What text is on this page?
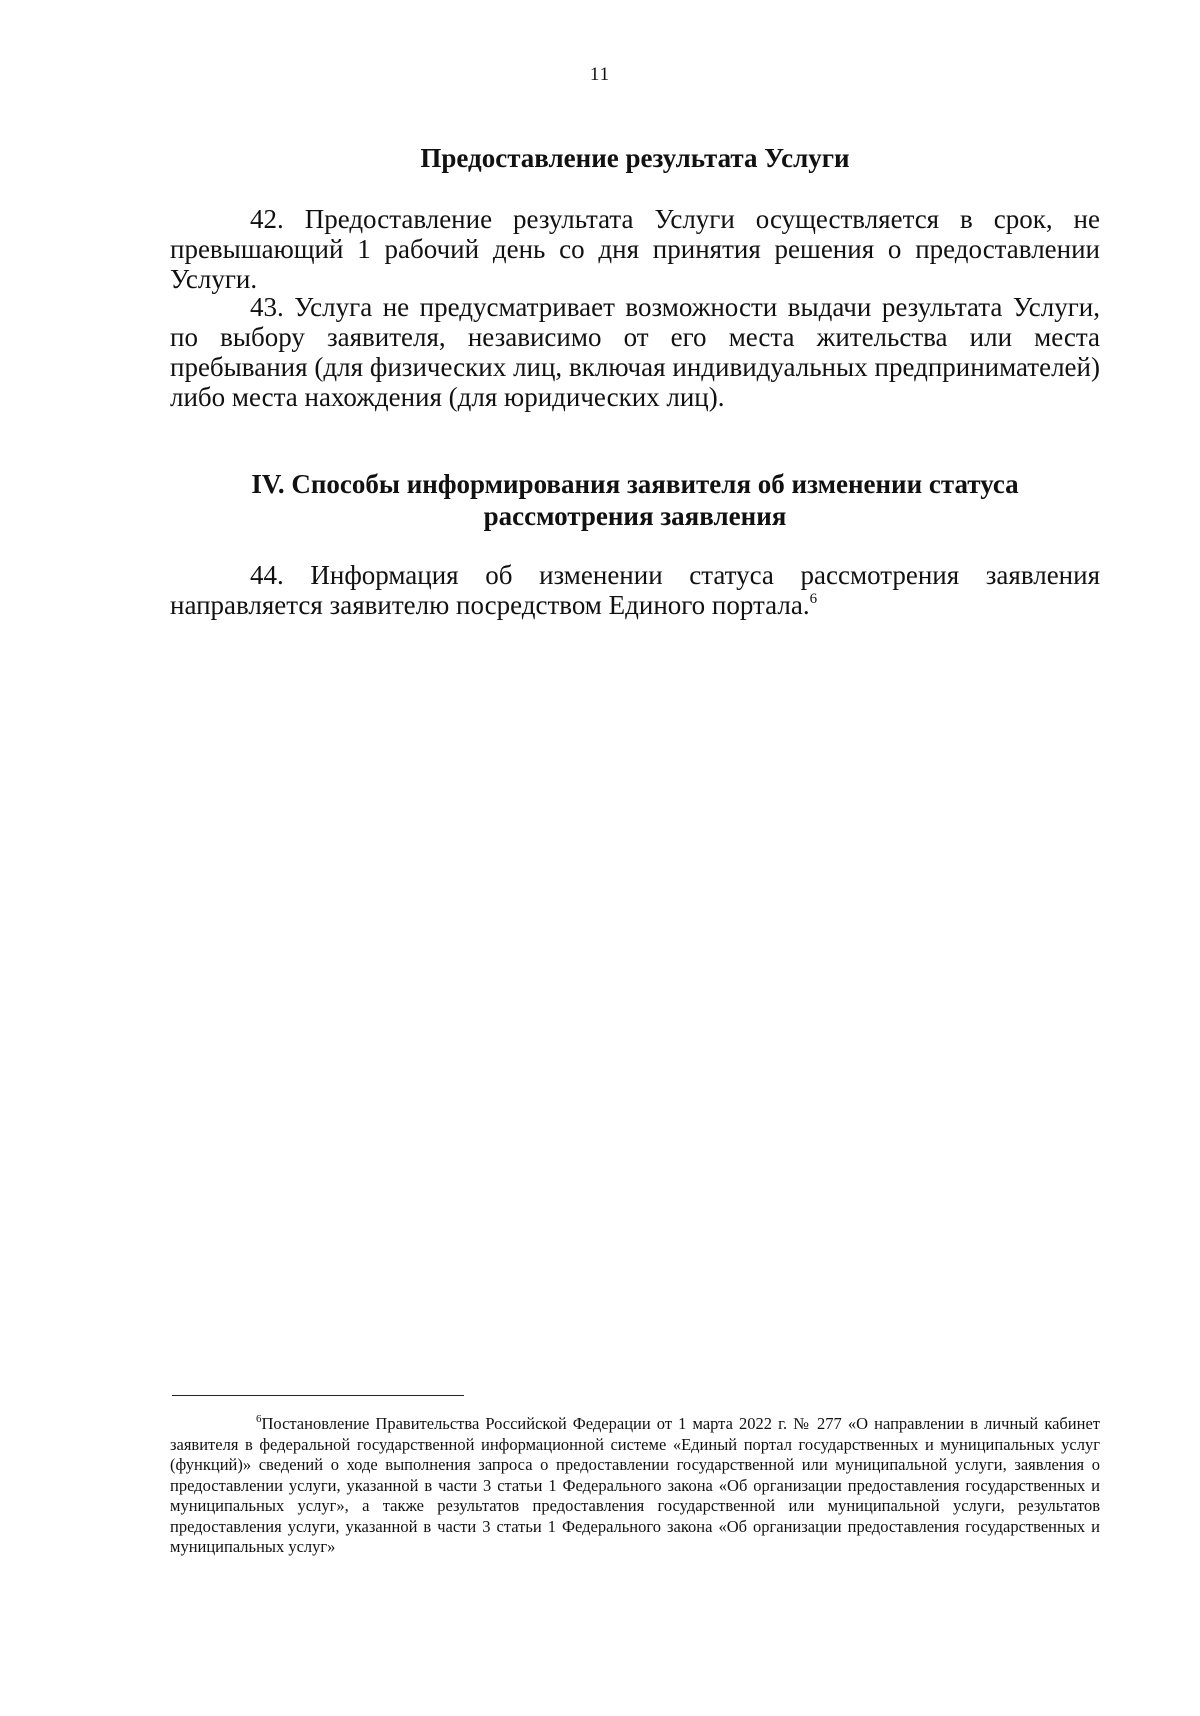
11
Предоставление результата Услуги

42. Предоставление результата Услуги осуществляется в срок, не превышающий 1 рабочий день со дня принятия решения о предоставлении Услуги.

43. Услуга не предусматривает возможности выдачи результата Услуги, по выбору заявителя, независимо от его места жительства или места пребывания (для физических лиц, включая индивидуальных предпринимателей) либо места нахождения (для юридических лиц).

IV. Способы информирования заявителя об изменении статуса
рассмотрения заявления

44. Информация об изменении статуса рассмотрения заявления направляется заявителю посредством Единого портала.$^6$

$^6$Постановление Правительства Российской Федерации от 1 марта 2022 г. № 277 «О направлении в личный кабинет заявителя в федеральной государственной информационной системе «Единый портал государственных и муниципальных услуг (функций)» сведений о ходе выполнения запроса о предоставлении государственной или муниципальной услуги, заявления о предоставлении услуги, указанной в части 3 статьи 1 Федерального закона «Об организации предоставления государственных и муниципальных услуг», а также результатов предоставления государственной или муниципальной услуги, результатов предоставления услуги, указанной в части 3 статьи 1 Федерального закона «Об организации предоставления государственных и муниципальных услуг»
